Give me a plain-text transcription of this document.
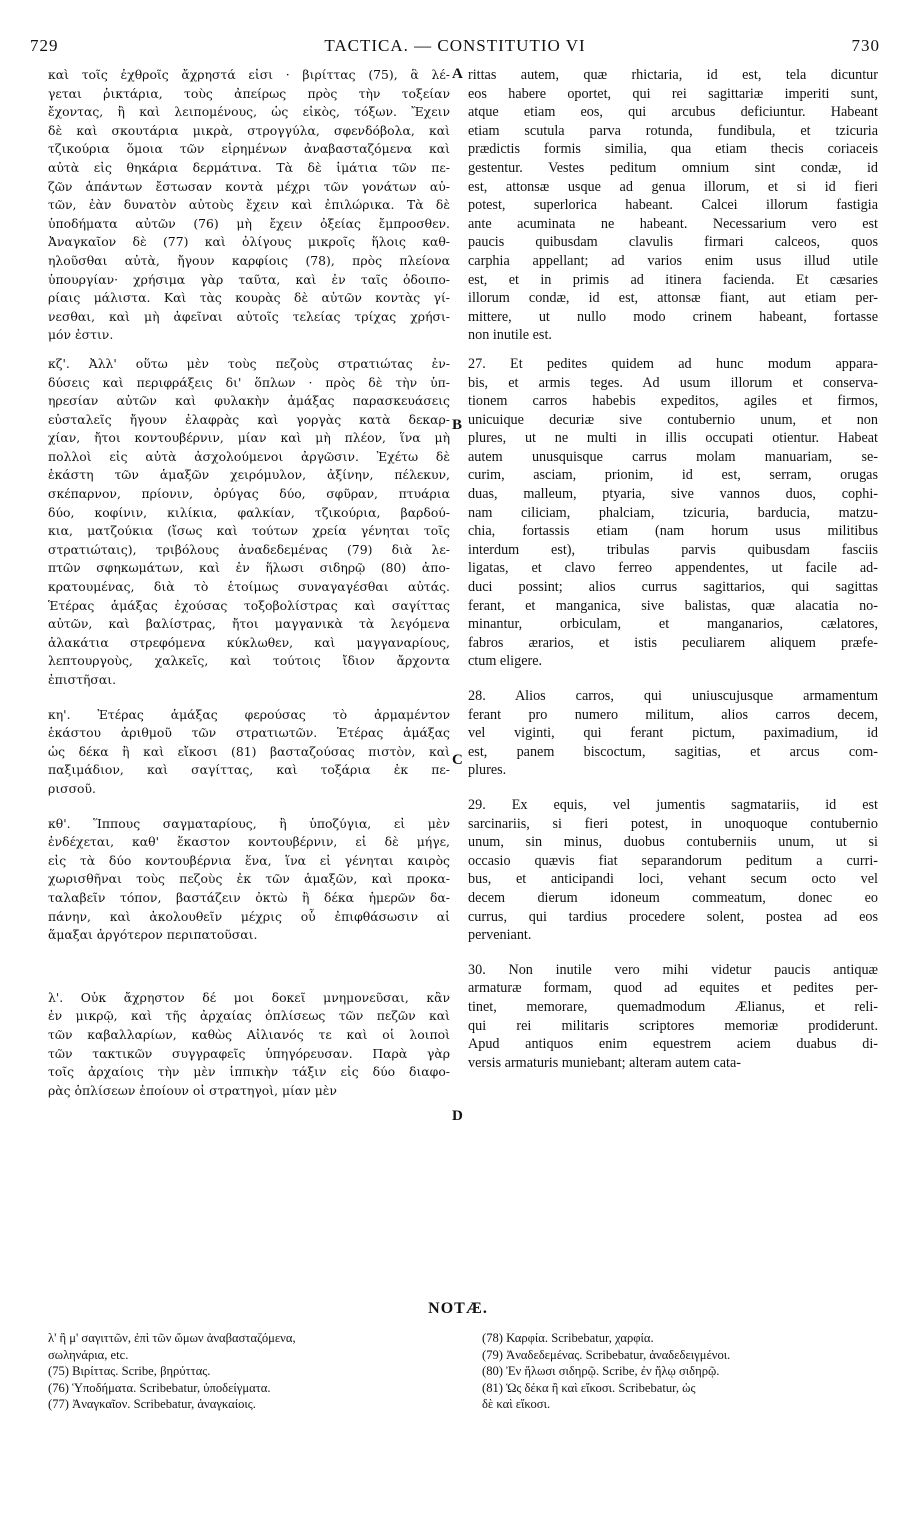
729	TACTICA. — CONSTITUTIO VI	730
A
B
C
D

καὶ τοῖς ἐχθροῖς ἄχρηστά εἰσι · βιρίττας (75), ἃ λέ-

γεται ῥικτάρια, τοὺς ἀπείρως πρὸς τὴν τοξείαν

ἔχοντας, ἢ καὶ λειπομένους, ὡς εἰκὸς, τόξων. Ἔχειν

δὲ καὶ σκουτάρια μικρὰ, στρογγύλα, σφενδόβολα, καὶ

τζικούρια ὅμοια τῶν εἰρημένων ἀναβασταζόμενα καὶ

αὐτὰ εἰς θηκάρια δερμάτινα. Τὰ δὲ ἱμάτια τῶν πε-

ζῶν ἁπάντων ἔστωσαν κοντὰ μέχρι τῶν γονάτων αὐ-

τῶν, ἐὰν δυνατὸν αὐτοὺς ἔχειν καὶ ἐπιλώρικα. Τὰ δὲ

ὑποδήματα αὐτῶν (76) μὴ ἔχειν ὀξείας ἔμπροσθεν.

Ἀναγκαῖον δὲ (77) καὶ ὀλίγους μικροῖς ἥλοις καθ-

ηλοῦσθαι αὐτὰ, ἤγουν καρφίοις (78), πρὸς πλείονα

ὑπουργίαν· χρήσιμα γὰρ ταῦτα, καὶ ἐν ταῖς ὁδοιπο-

ρίαις μάλιστα. Καὶ τὰς κουρὰς δὲ αὐτῶν κοντὰς γί-

νεσθαι, καὶ μὴ ἀφεῖναι αὐτοῖς τελείας τρίχας χρήσι-

μόν ἐστιν.

κζ'. Ἀλλ' οὕτω μὲν τοὺς πεζοὺς στρατιώτας ἐν-

δύσεις καὶ περιφράξεις δι' ὅπλων · πρὸς δὲ τὴν ὑπ-

ηρεσίαν αὐτῶν καὶ φυλακὴν ἁμάξας παρασκευάσεις

εὐσταλεῖς ἤγουν ἐλαφρὰς καὶ γοργὰς κατὰ δεκαρ-

χίαν, ἤτοι κοντουβέρνιν, μίαν καὶ μὴ πλέον, ἵνα μὴ

πολλοὶ εἰς αὐτὰ ἀσχολούμενοι ἀργῶσιν. Ἐχέτω δὲ

ἑκάστη τῶν ἁμαξῶν χειρόμυλον, ἀξίνην, πέλεκυν,

σκέπαρνον, πρίονιν, ὀρύγας δύο, σφῦραν, πτυάρια

δύο, κοφίνιν, κιλίκια, φαλκίαν, τζικούρια, βαρδού-

κια, ματζούκια (ἴσως καὶ τούτων χρεία γένηται τοῖς

στρατιώταις), τριβόλους ἀναδεδεμένας (79) διὰ λε-

πτῶν σφηκωμάτων, καὶ ἐν ἥλωσι σιδηρῷ (80) ἀπο-

κρατουμένας, διὰ τὸ ἑτοίμως συναγαγέσθαι αὐτάς.

Ἑτέρας ἁμάξας ἐχούσας τοξοβολίστρας καὶ σαγίττας

αὐτῶν, καὶ βαλίστρας, ἤτοι μαγγανικὰ τὰ λεγόμενα

ἀλακάτια στρεφόμενα κύκλωθεν, καὶ μαγγαναρίους,

λεπτουργοὺς, χαλκεῖς, καὶ τούτοις ἴδιον ἄρχοντα

ἐπιστῆσαι.

κη'. Ἑτέρας ἁμάξας φερούσας τὸ ἁρμαμέντον

ἑκάστου ἀριθμοῦ τῶν στρατιωτῶν. Ἑτέρας ἁμάξας

ὡς δέκα ἢ καὶ εἴκοσι (81) βασταζούσας πιστὸν, καὶ

παξιμάδιον, καὶ σαγίττας, καὶ τοξάρια ἐκ πε-

ρισσοῦ.

κθ'. Ἵππους σαγματαρίους, ἢ ὑποζύγια, εἰ μὲν

ἐνδέχεται, καθ' ἕκαστον κοντουβέρνιν, εἰ δὲ μήγε,

εἰς τὰ δύο κοντουβέρνια ἕνα, ἵνα εἰ γένηται καιρὸς

χωρισθῆναι τοὺς πεζοὺς ἐκ τῶν ἁμαξῶν, καὶ προκα-

ταλαβεῖν τόπον, βαστάζειν ὀκτὼ ἢ δέκα ἡμερῶν δα-

πάνην, καὶ ἀκολουθεῖν μέχρις οὗ ἐπιφθάσωσιν αἱ

ἅμαξαι ἀργότερον περιπατοῦσαι.

λ'. Οὐκ ἄχρηστον δέ μοι δοκεῖ μνημονεῦσαι, κἂν

ἐν μικρῷ, καὶ τῆς ἀρχαίας ὁπλίσεως τῶν πεζῶν καὶ

τῶν καβαλλαρίων, καθὼς Αἰλιανός τε καὶ οἱ λοιποὶ

τῶν τακτικῶν συγγραφεῖς ὑπηγόρευσαν. Παρὰ γὰρ

τοῖς ἀρχαίοις τὴν μὲν ἱππικὴν τάξιν εἰς δύο διαφο-

ρὰς ὁπλίσεων ἐποίουν οἱ στρατηγοὶ, μίαν μὲν

rittas autem, quæ rhictaria, id est, tela dicuntur

eos habere oportet, qui rei sagittariæ imperiti sunt,

atque etiam eos, qui arcubus deficiuntur. Habeant

etiam scutula parva rotunda, fundibula, et tzicuria

prædictis formis similia, qua etiam thecis coriaceis

gestentur. Vestes peditum omnium sint condæ, id

est, attonsæ usque ad genua illorum, et si id fieri

potest, superlorica habeant. Calcei illorum fastigia

ante acuminata ne habeant. Necessarium vero est

paucis quibusdam clavulis firmari calceos, quos

carphia appellant; ad varios enim usus illud utile

est, et in primis ad itinera facienda. Et cæsaries

illorum condæ, id est, attonsæ fiant, aut etiam per-

mittere, ut nullo modo crinem habeant, fortasse

non inutile est.

27. Et pedites quidem ad hunc modum appara-

bis, et armis teges. Ad usum illorum et conserva-

tionem carros habebis expeditos, agiles et firmos,

unicuique decuriæ sive contubernio unum, et non

plures, ut ne multi in illis occupati otientur. Habeat

autem unusquisque carrus molam manuariam, se-

curim, asciam, prionim, id est, serram, orugas

duas, malleum, ptyaria, sive vannos duos, cophi-

nam ciliciam, phalciam, tzicuria, barducia, matzu-

chia, fortassis etiam (nam horum usus militibus

interdum est), tribulas parvis quibusdam fasciis

ligatas, et clavo ferreo appendentes, ut facile ad-

duci possint; alios currus sagittarios, qui sagittas

ferant, et manganica, sive balistas, quæ alacatia no-

minantur, orbiculam, et manganarios, cælatores,

fabros ærarios, et istis peculiarem aliquem præfe-

ctum eligere.

28. Alios carros, qui uniuscujusque armamentum

ferant pro numero militum, alios carros decem,

vel viginti, qui ferant pictum, paximadium, id

est, panem biscoctum, sagitias, et arcus com-

plures.

29. Ex equis, vel jumentis sagmatariis, id est

sarcinariis, si fieri potest, in unoquoque contubernio

unum, sin minus, duobus contuberniis unum, ut si

occasio quævis fiat separandorum peditum a curri-

bus, et anticipandi loci, vehant secum octo vel

decem dierum idoneum commeatum, donec eo

currus, qui tardius procedere solent, postea ad eos

perveniant.

30. Non inutile vero mihi videtur paucis antiquæ

armaturæ formam, quod ad equites et pedites per-

tinet, memorare, quemadmodum Ælianus, et reli-

qui rei militaris scriptores memoriæ prodiderunt.

Apud antiquos enim equestrem aciem duabus di-

versis armaturis muniebant; alteram autem cata-

NOTÆ.
λ' ἢ μ' σαγιττῶν, ἐπὶ τῶν ὤμων ἀναβασταζόμενα,
σωληνάρια, etc.
(75) Βιρίττας. Scribe, βηρύττας.
(76) Ὑποδήματα. Scribebatur, ὑποδείγματα.
(77) Ἀναγκαῖον. Scribebatur, ἀναγκαίοις.
(78) Καρφία. Scribebatur, χαρφία.
(79) Ἀναδεδεμένας. Scribebatur, ἀναδεδειγμένοι.
(80) Ἐν ἥλωσι σιδηρῷ. Scribe, ἐν ἥλῳ σιδηρῷ.
(81) Ὡς δέκα ἢ καὶ εἴκοσι. Scribebatur, ὡς
δὲ καὶ εἴκοσι.
